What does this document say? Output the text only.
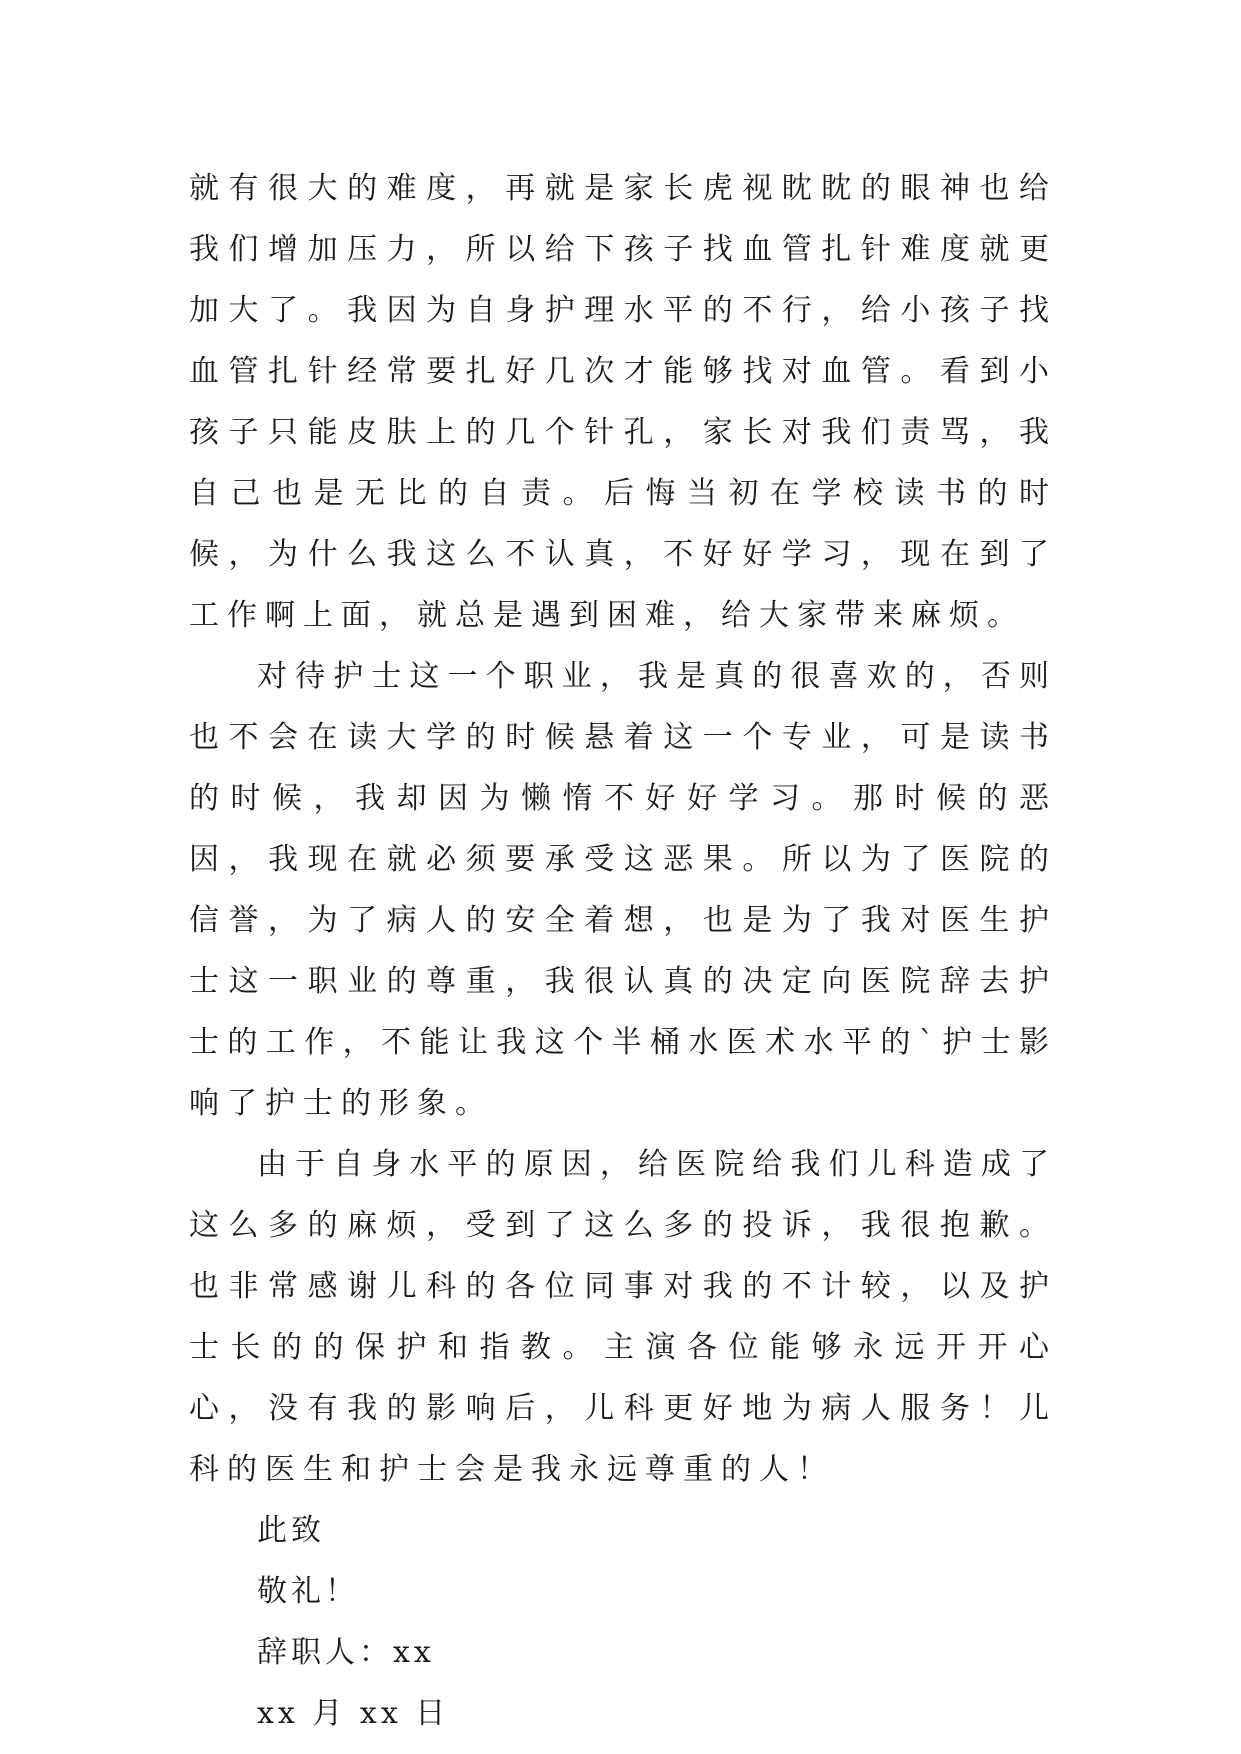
就有很大的难度，再就是家长虎视眈眈的眼神也给我们增加压力，所以给下孩子找血管扎针难度就更加大了。我因为自身护理水平的不行，给小孩子找血管扎针经常要扎好几次才能够找对血管。看到小孩子只能皮肤上的几个针孔，家长对我们责骂，我自己也是无比的自责。后悔当初在学校读书的时候，为什么我这么不认真，不好好学习，现在到了工作啊上面，就总是遇到困难，给大家带来麻烦。

对待护士这一个职业，我是真的很喜欢的，否则也不会在读大学的时候悬着这一个专业，可是读书的时候，我却因为懒惰不好好学习。那时候的恶因，我现在就必须要承受这恶果。所以为了医院的信誉，为了病人的安全着想，也是为了我对医生护士这一职业的尊重，我很认真的决定向医院辞去护士的工作，不能让我这个半桶水医术水平的`护士影响了护士的形象。

由于自身水平的原因，给医院给我们儿科造成了这么多的麻烦，受到了这么多的投诉，我很抱歉。也非常感谢儿科的各位同事对我的不计较，以及护士长的的保护和指教。主演各位能够永远开开心心，没有我的影响后，儿科更好地为病人服务！儿科的医生和护士会是我永远尊重的人！

此致

敬礼！

辞职人：xx

xx 月 xx 日
